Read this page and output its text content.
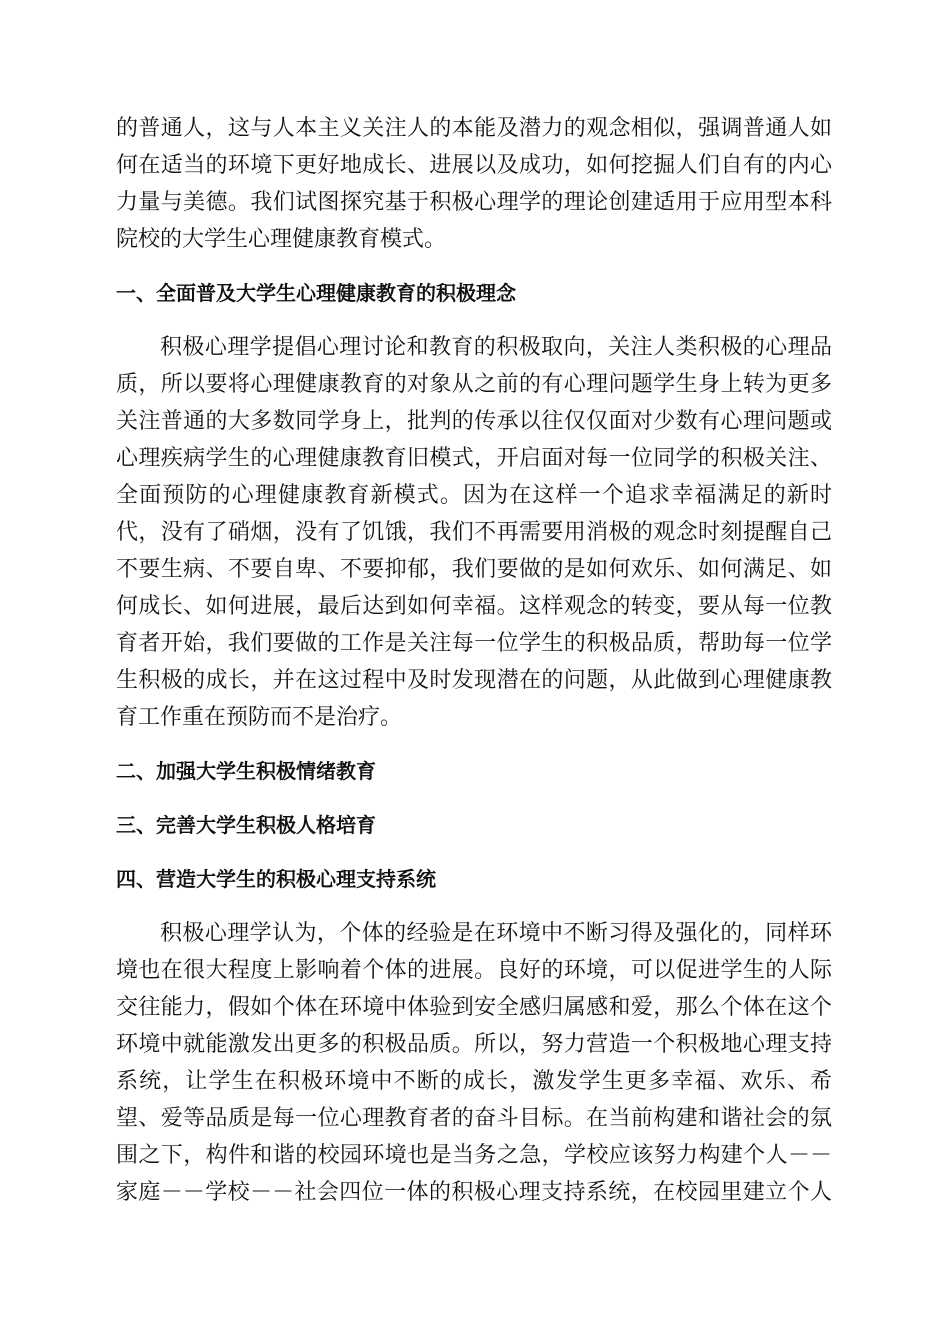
的普通人，这与人本主义关注人的本能及潜力的观念相似，强调普通人如
何在适当的环境下更好地成长、进展以及成功，如何挖掘人们自有的内心
力量与美德。我们试图探究基于积极心理学的理论创建适用于应用型本科
院校的大学生心理健康教育模式。
一、全面普及大学生心理健康教育的积极理念
积极心理学提倡心理讨论和教育的积极取向，关注人类积极的心理品
质，所以要将心理健康教育的对象从之前的有心理问题学生身上转为更多
关注普通的大多数同学身上，批判的传承以往仅仅面对少数有心理问题或
心理疾病学生的心理健康教育旧模式，开启面对每一位同学的积极关注、
全面预防的心理健康教育新模式。因为在这样一个追求幸福满足的新时
代，没有了硝烟，没有了饥饿，我们不再需要用消极的观念时刻提醒自己
不要生病、不要自卑、不要抑郁，我们要做的是如何欢乐、如何满足、如
何成长、如何进展，最后达到如何幸福。这样观念的转变，要从每一位教
育者开始，我们要做的工作是关注每一位学生的积极品质，帮助每一位学
生积极的成长，并在这过程中及时发现潜在的问题，从此做到心理健康教
育工作重在预防而不是治疗。
二、加强大学生积极情绪教育
三、完善大学生积极人格培育
四、营造大学生的积极心理支持系统
积极心理学认为，个体的经验是在环境中不断习得及强化的，同样环
境也在很大程度上影响着个体的进展。良好的环境，可以促进学生的人际
交往能力，假如个体在环境中体验到安全感归属感和爱，那么个体在这个
环境中就能激发出更多的积极品质。所以，努力营造一个积极地心理支持
系统，让学生在积极环境中不断的成长，激发学生更多幸福、欢乐、希
望、爱等品质是每一位心理教育者的奋斗目标。在当前构建和谐社会的氛
围之下，构件和谐的校园环境也是当务之急，学校应该努力构建个人－－
家庭－－学校－－社会四位一体的积极心理支持系统，在校园里建立个人
